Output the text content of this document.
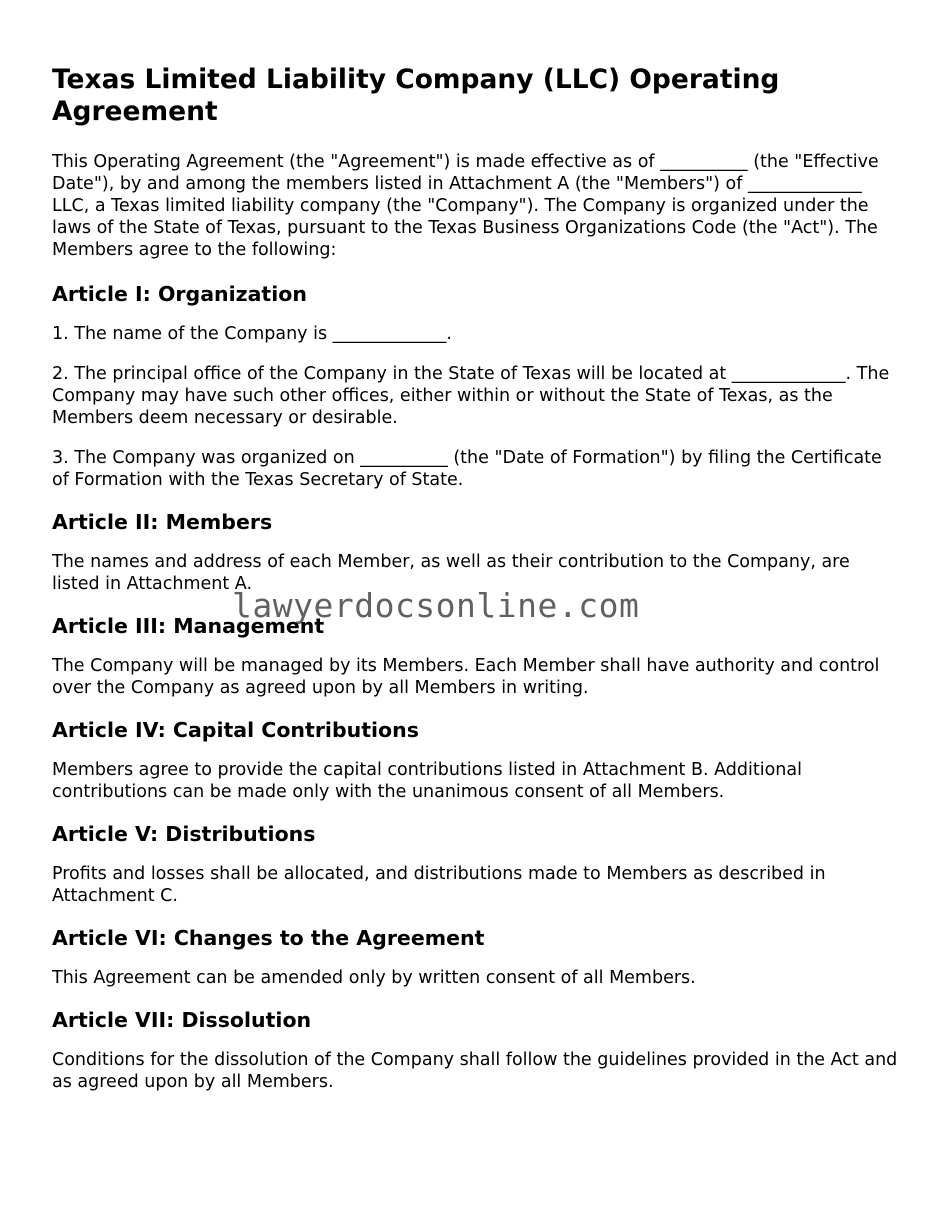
Texas Limited Liability Company (LLC) Operating Agreement

This Operating Agreement (the "Agreement") is made effective as of __________ (the "Effective Date"), by and among the members listed in Attachment A (the "Members") of _____________ LLC, a Texas limited liability company (the "Company"). The Company is organized under the laws of the State of Texas, pursuant to the Texas Business Organizations Code (the "Act"). The Members agree to the following:

Article I: Organization

1. The name of the Company is _____________.

2. The principal office of the Company in the State of Texas will be located at _____________. The Company may have such other offices, either within or without the State of Texas, as the Members deem necessary or desirable.

3. The Company was organized on __________ (the "Date of Formation") by filing the Certificate of Formation with the Texas Secretary of State.

Article II: Members

The names and address of each Member, as well as their contribution to the Company, are listed in Attachment A.

Article III: Management

The Company will be managed by its Members. Each Member shall have authority and control over the Company as agreed upon by all Members in writing.

Article IV: Capital Contributions

Members agree to provide the capital contributions listed in Attachment B. Additional contributions can be made only with the unanimous consent of all Members.

Article V: Distributions

Profits and losses shall be allocated, and distributions made to Members as described in Attachment C.

Article VI: Changes to the Agreement

This Agreement can be amended only by written consent of all Members.

Article VII: Dissolution

Conditions for the dissolution of the Company shall follow the guidelines provided in the Act and as agreed upon by all Members.

lawyerdocsonline.com
